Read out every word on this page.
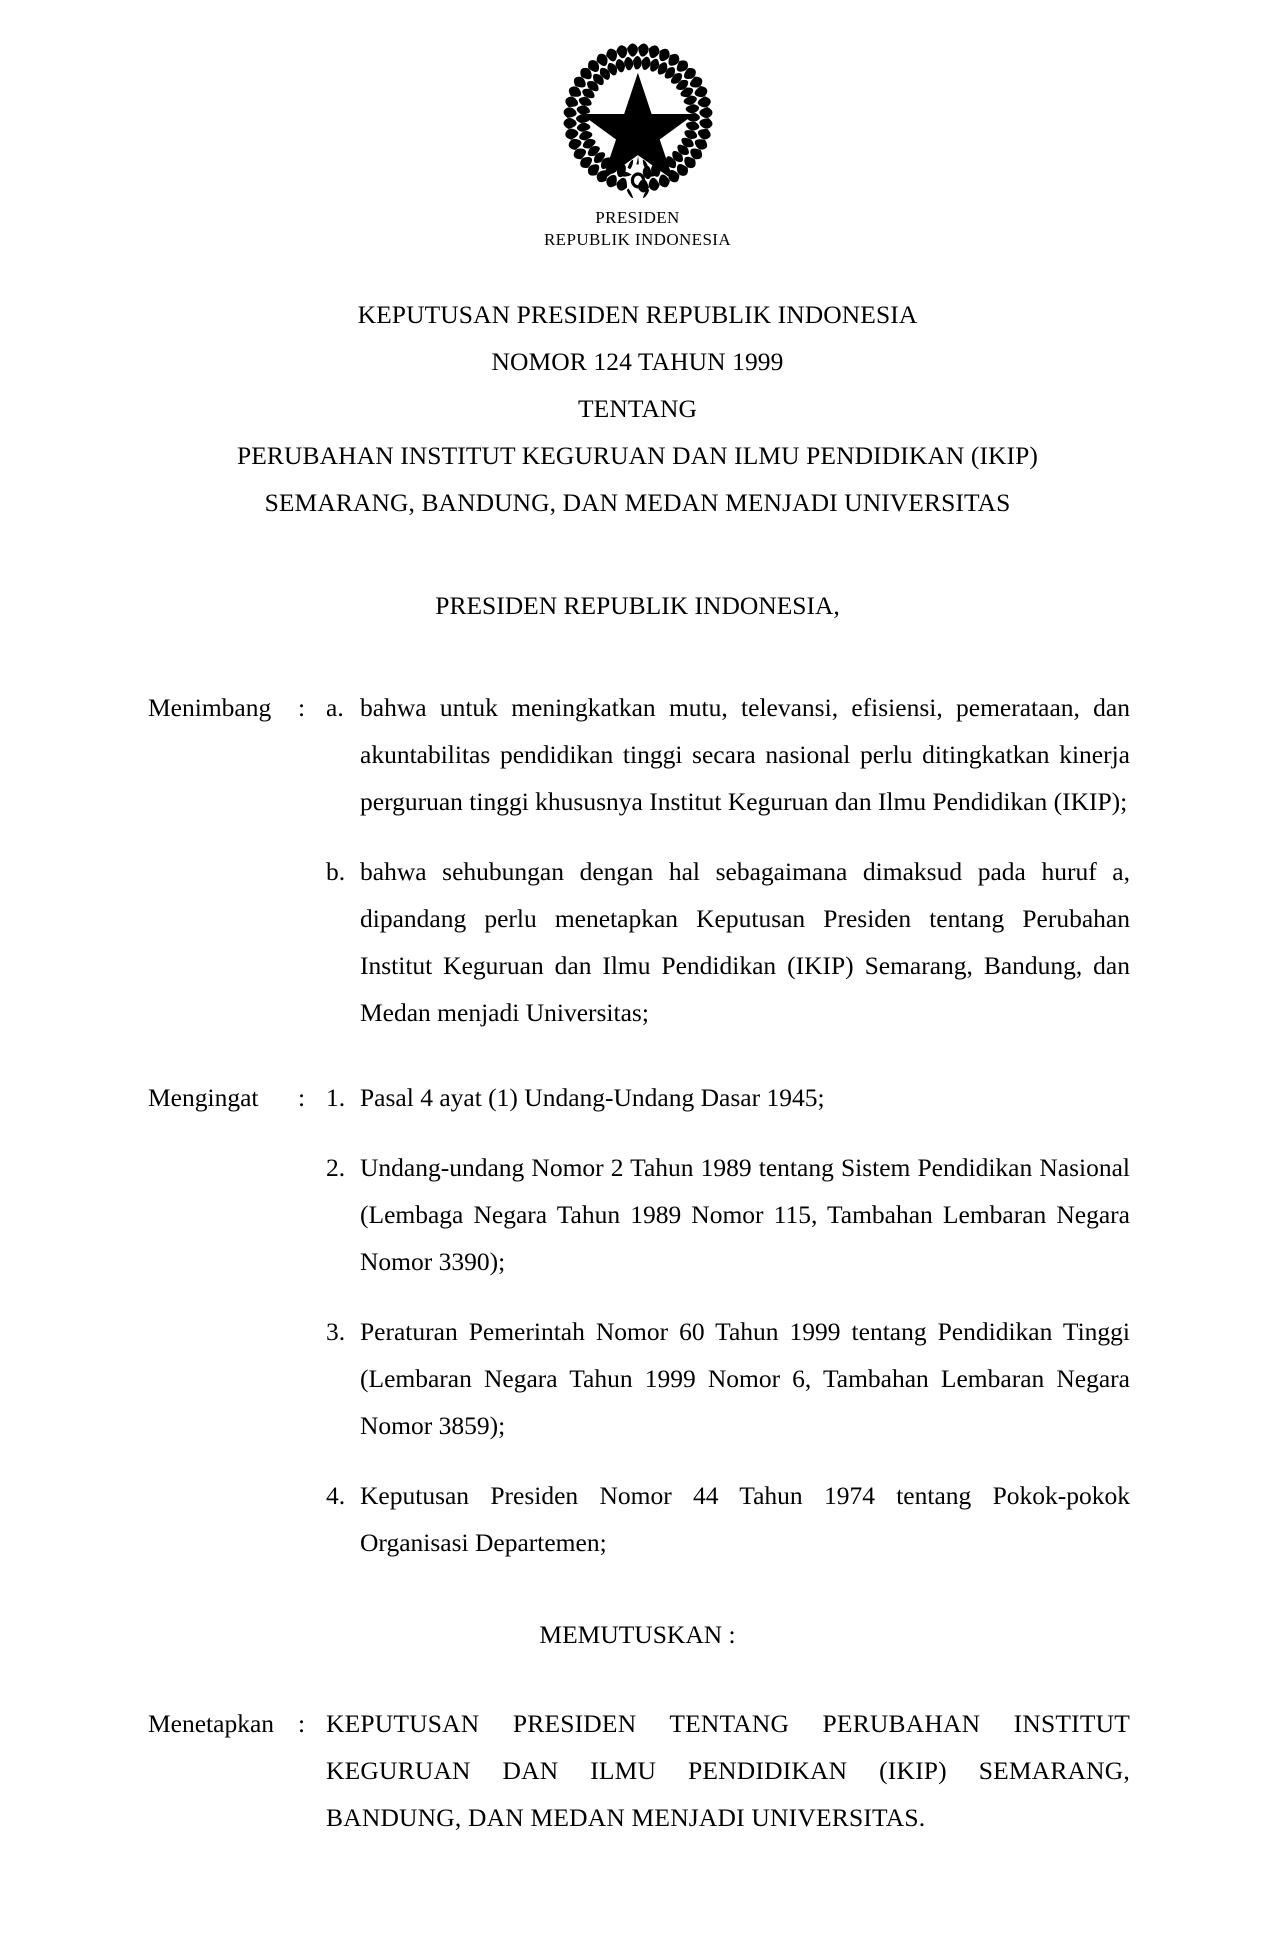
PRESIDEN
REPUBLIK INDONESIA
KEPUTUSAN PRESIDEN REPUBLIK INDONESIA
NOMOR 124 TAHUN 1999
TENTANG
PERUBAHAN INSTITUT KEGURUAN DAN ILMU PENDIDIKAN (IKIP)
SEMARANG, BANDUNG, DAN MEDAN MENJADI UNIVERSITAS
PRESIDEN REPUBLIK INDONESIA,
Menimbang	: a. bahwa untuk meningkatkan mutu, televansi, efisiensi, pemerataan, dan akuntabilitas pendidikan tinggi secara nasional perlu ditingkatkan kinerja perguruan tinggi khususnya Institut Keguruan dan Ilmu Pendidikan (IKIP);
b. bahwa sehubungan dengan hal sebagaimana dimaksud pada huruf a, dipandang perlu menetapkan Keputusan Presiden tentang Perubahan Institut Keguruan dan Ilmu Pendidikan (IKIP) Semarang, Bandung, dan Medan menjadi Universitas;
Mengingat	: 1. Pasal 4 ayat (1) Undang-Undang Dasar 1945;
2. Undang-undang Nomor 2 Tahun 1989 tentang Sistem Pendidikan Nasional (Lembaga Negara Tahun 1989 Nomor 115, Tambahan Lembaran Negara Nomor 3390);
3. Peraturan Pemerintah Nomor 60 Tahun 1999 tentang Pendidikan Tinggi (Lembaran Negara Tahun 1999 Nomor 6, Tambahan Lembaran Negara Nomor 3859);
4. Keputusan Presiden Nomor 44 Tahun 1974 tentang Pokok-pokok Organisasi Departemen;
MEMUTUSKAN :
Menetapkan : KEPUTUSAN PRESIDEN TENTANG PERUBAHAN INSTITUT KEGURUAN DAN ILMU PENDIDIKAN (IKIP) SEMARANG, BANDUNG, DAN MEDAN MENJADI UNIVERSITAS.
